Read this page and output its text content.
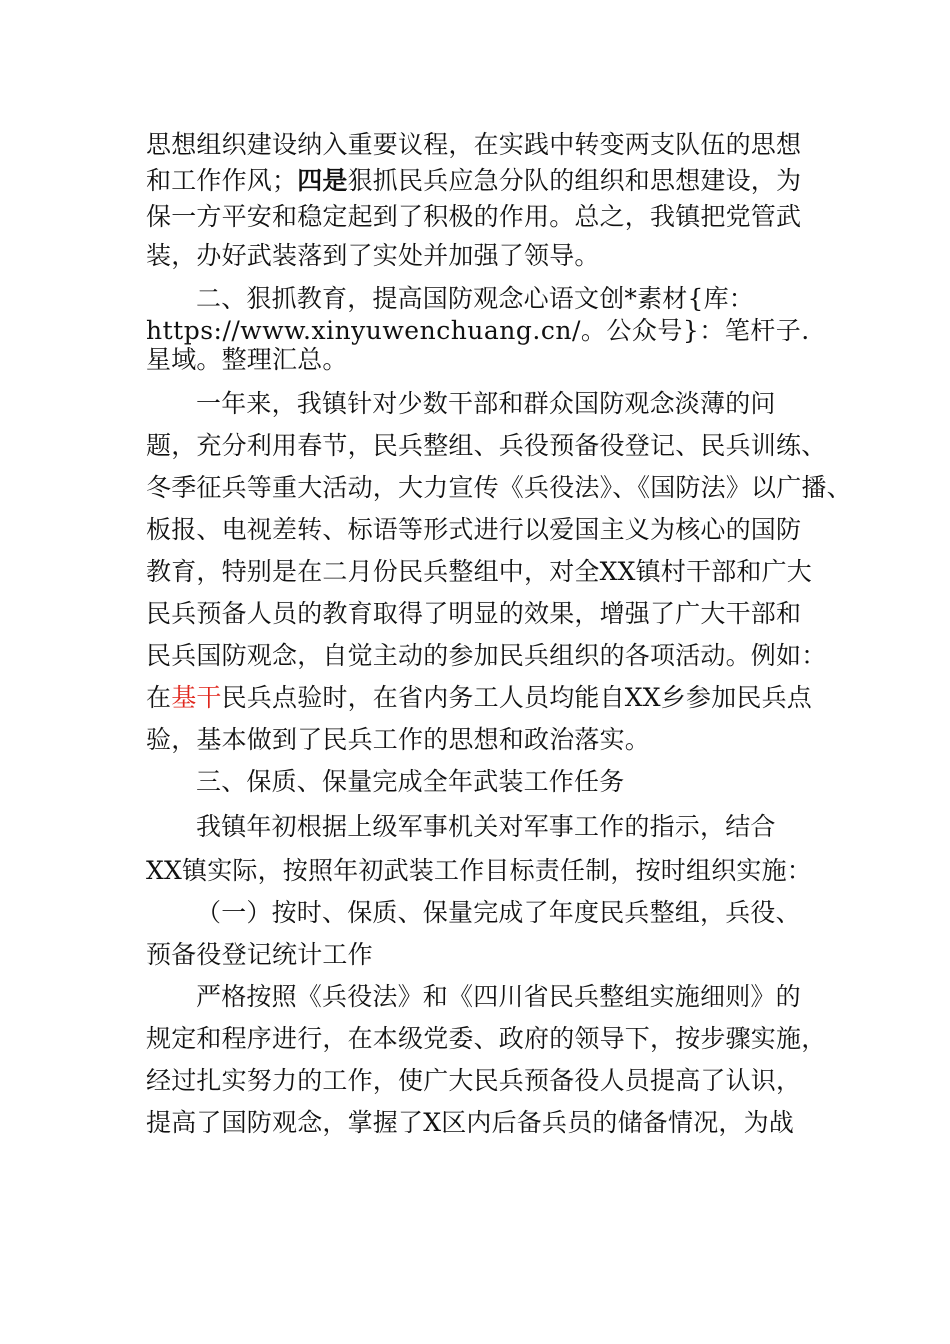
思想组织建设纳入重要议程，在实践中转变两支队伍的思想
和工作作风；四是狠抓民兵应急分队的组织和思想建设，为
保一方平安和稳定起到了积极的作用。总之，我镇把党管武
装，办好武装落到了实处并加强了领导。
二、狠抓教育，提高国防观念心语文创*素材{库：
https://www.xinyuwenchuang.cn/。公众号}：笔杆子.
星域。整理汇总。
一年来，我镇针对少数干部和群众国防观念淡薄的问
题，充分利用春节，民兵整组、兵役预备役登记、民兵训练、
冬季征兵等重大活动，大力宣传《兵役法》、《国防法》以广播、
板报、电视差转、标语等形式进行以爱国主义为核心的国防
教育，特别是在二月份民兵整组中，对全XX镇村干部和广大
民兵预备人员的教育取得了明显的效果，增强了广大干部和
民兵国防观念，自觉主动的参加民兵组织的各项活动。例如：
在基干民兵点验时，在省内务工人员均能自XX乡参加民兵点
验，基本做到了民兵工作的思想和政治落实。
三、保质、保量完成全年武装工作任务
我镇年初根据上级军事机关对军事工作的指示，结合
XX镇实际，按照年初武装工作目标责任制，按时组织实施：
（一）按时、保质、保量完成了年度民兵整组，兵役、
预备役登记统计工作
严格按照《兵役法》和《四川省民兵整组实施细则》的
规定和程序进行，在本级党委、政府的领导下，按步骤实施，
经过扎实努力的工作，使广大民兵预备役人员提高了认识，
提高了国防观念，掌握了X区内后备兵员的储备情况，为战
